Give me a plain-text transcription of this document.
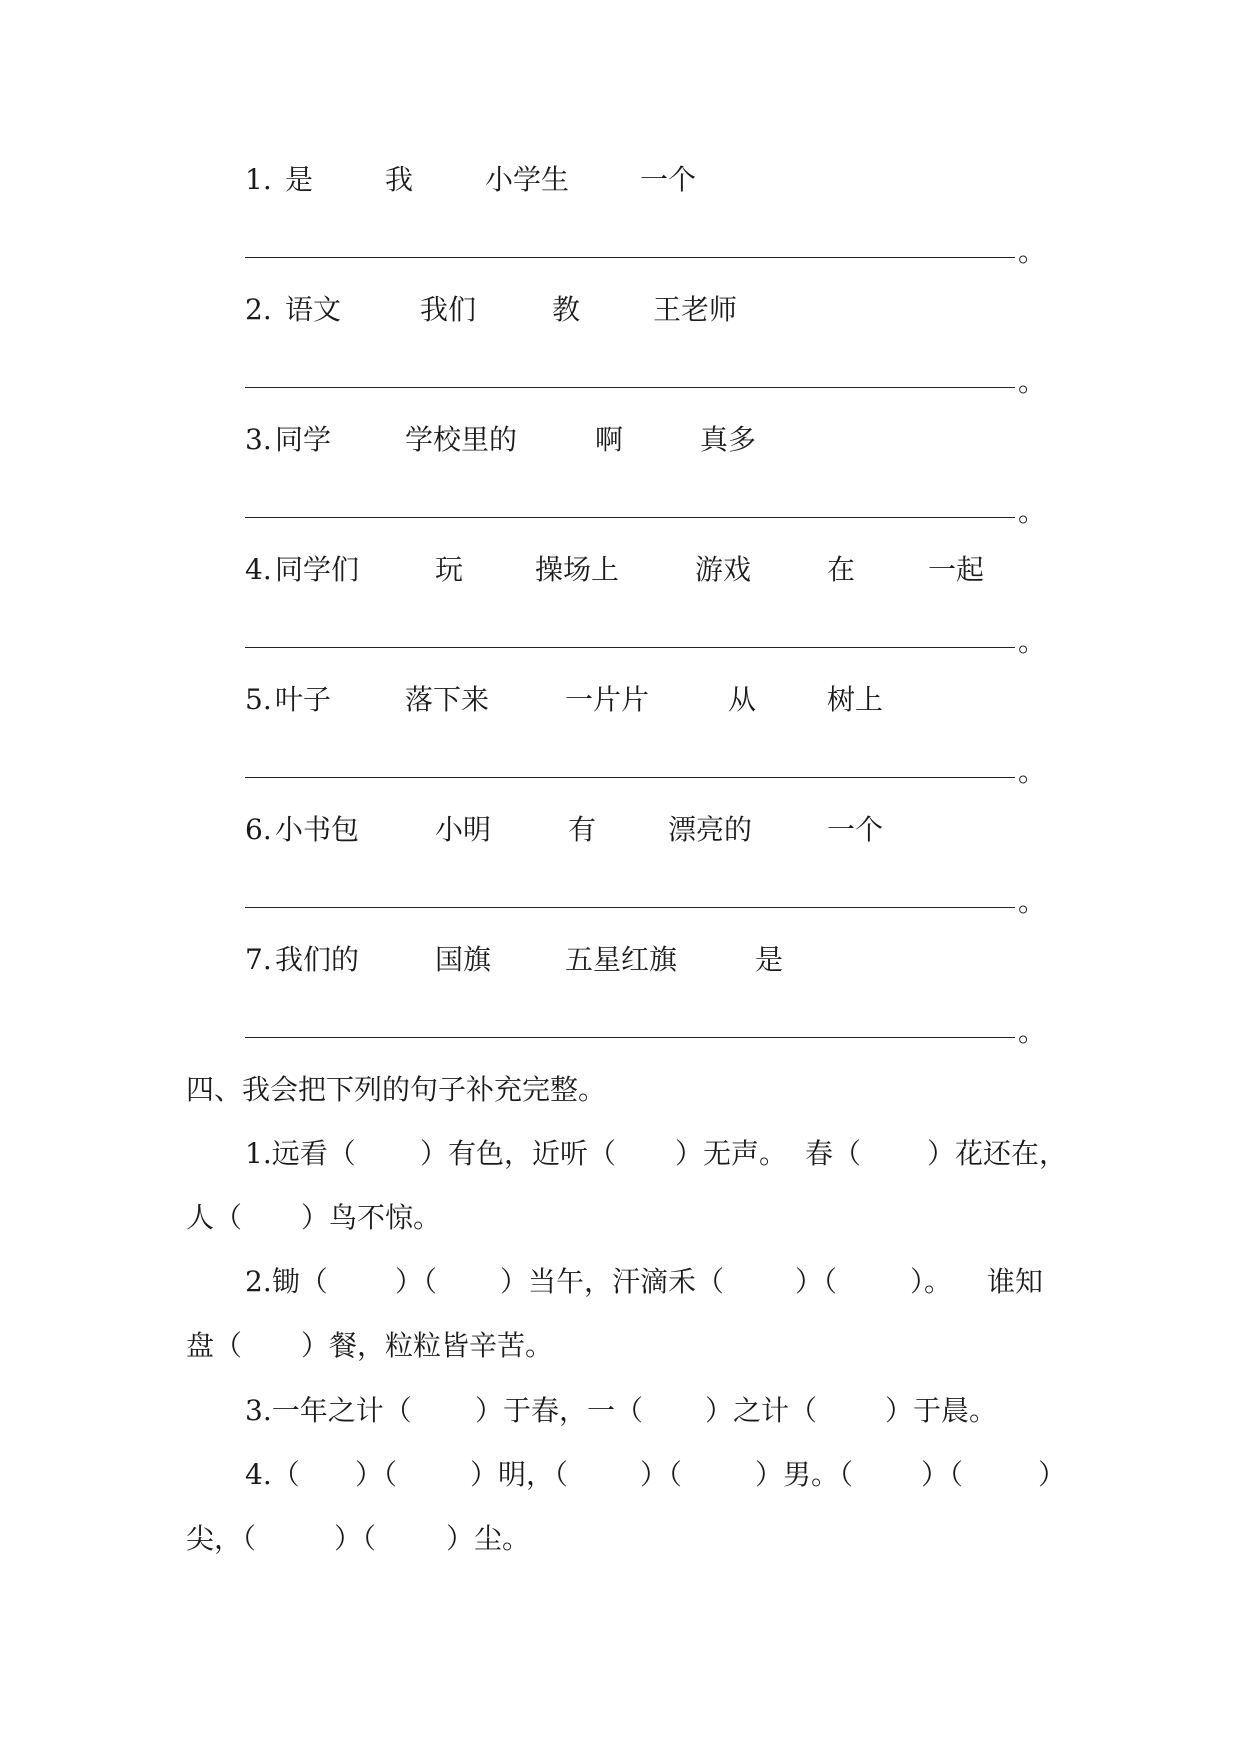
1. 是	我	小学生	一个
。
2. 语文	我们	教	王老师
。
3. 同学	学校里的	啊	真多
。
4. 同学们	玩	操场上	游戏	在	一起
。
5. 叶子	落下来	一片片	从	树上
。
6. 小书包	小明	有	漂亮的	一个
。
7. 我们的	国旗	五星红旗	是
。
四、我会把下列的句子补充完整。
1.远看（ ）有色，近听（ ）无声。 春（ ）花还在，
人（ ）鸟不惊。
2.锄（ ）（ ）当午，汗滴禾（	）（	）。 谁知
盘（ ）餐，粒粒皆辛苦。
3.一年之计（ ）于春，一（ ）之计（ ）于晨。
4.（ ）（	）明，（	）（	）男。（ ）（	）
尖，（	）（ ）尘。
